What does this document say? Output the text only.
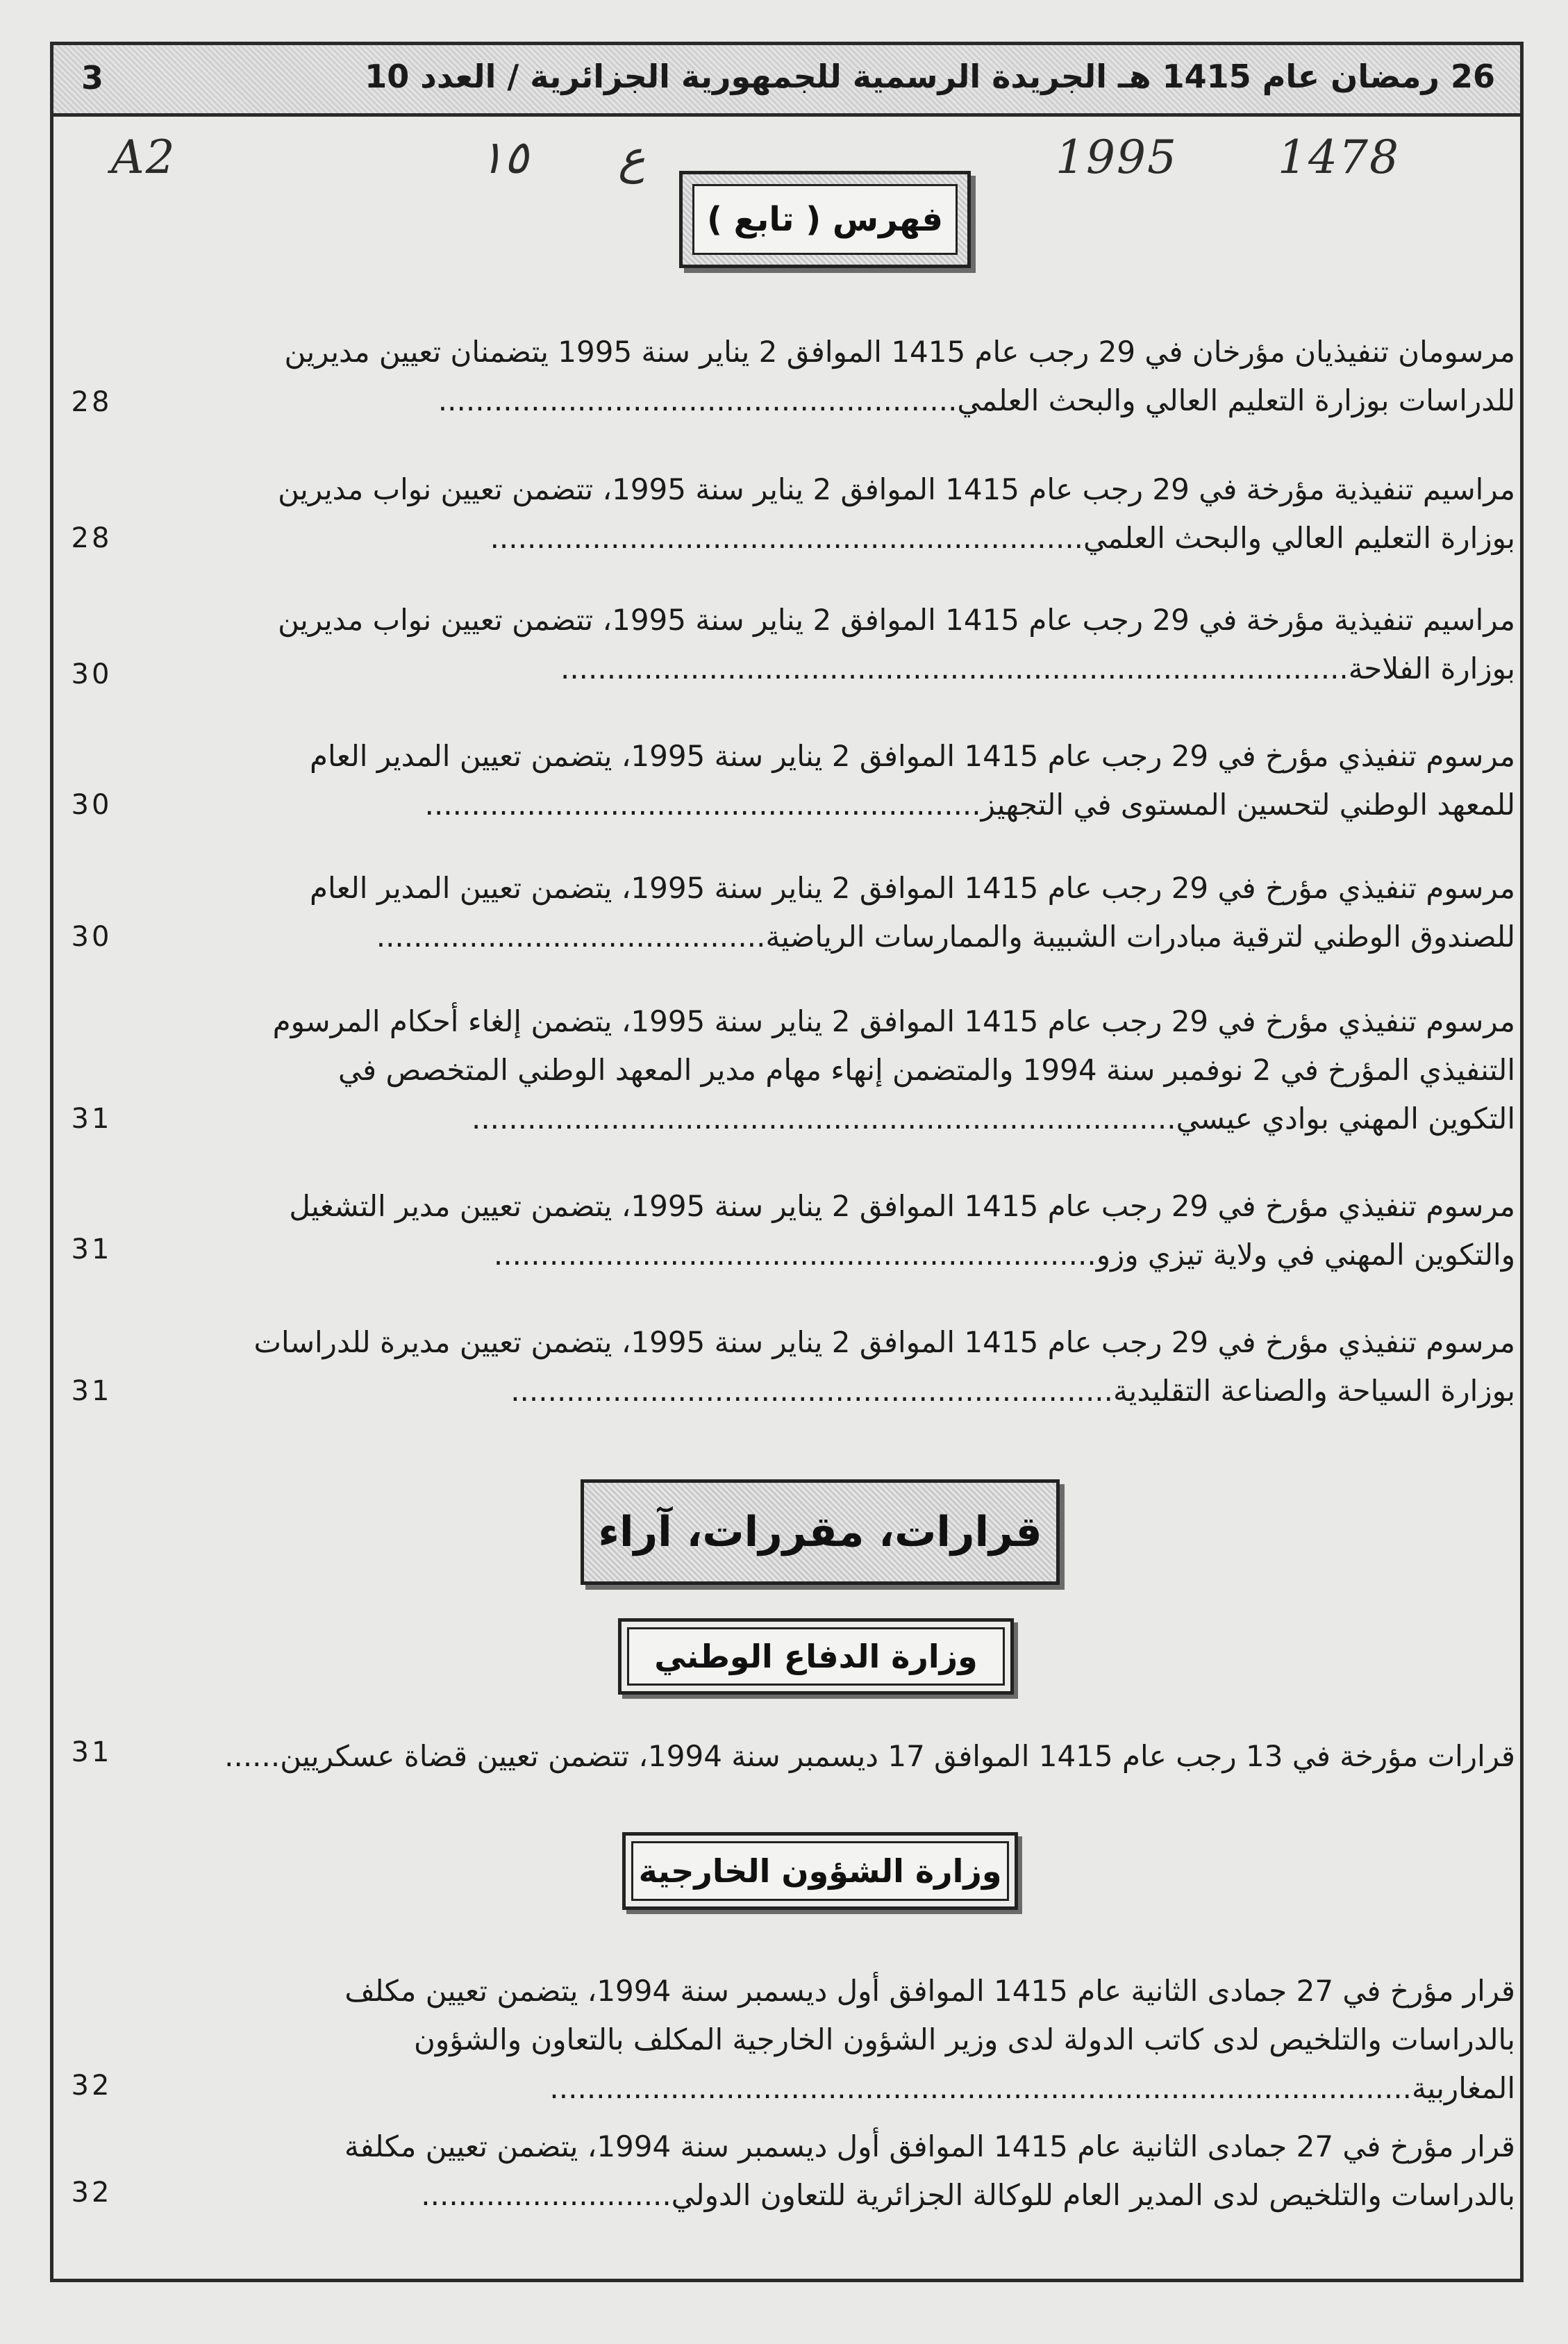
3	26 رمضان عام 1415 هـ الجريدة الرسمية للجمهورية الجزائرية / العدد 10
A2	١٥ ع	1995 1478
فهرس ( تابع )
مرسومان تنفيذيان مؤرخان في 29 رجب عام 1415 الموافق 2 يناير سنة 1995 يتضمنان تعيين مديرين
للدراسات بوزارة التعليم العالي والبحث العلمي........................................................
28
مراسيم تنفيذية مؤرخة في 29 رجب عام 1415 الموافق 2 يناير سنة 1995، تتضمن تعيين نواب مديرين
بوزارة التعليم العالي والبحث العلمي................................................................
28
مراسيم تنفيذية مؤرخة في 29 رجب عام 1415 الموافق 2 يناير سنة 1995، تتضمن تعيين نواب مديرين
بوزارة الفلاحة.....................................................................................
30
مرسوم تنفيذي مؤرخ في 29 رجب عام 1415 الموافق 2 يناير سنة 1995، يتضمن تعيين المدير العام
للمعهد الوطني لتحسين المستوى في التجهيز............................................................
30
مرسوم تنفيذي مؤرخ في 29 رجب عام 1415 الموافق 2 يناير سنة 1995، يتضمن تعيين المدير العام
للصندوق الوطني لترقية مبادرات الشبيبة والممارسات الرياضية..........................................
30
مرسوم تنفيذي مؤرخ في 29 رجب عام 1415 الموافق 2 يناير سنة 1995، يتضمن إلغاء أحكام المرسوم
التنفيذي المؤرخ في 2 نوفمبر سنة 1994 والمتضمن إنهاء مهام مدير المعهد الوطني المتخصص في
التكوين المهني بوادي عيسي............................................................................
31
مرسوم تنفيذي مؤرخ في 29 رجب عام 1415 الموافق 2 يناير سنة 1995، يتضمن تعيين مدير التشغيل
والتكوين المهني في ولاية تيزي وزو.................................................................
31
مرسوم تنفيذي مؤرخ في 29 رجب عام 1415 الموافق 2 يناير سنة 1995، يتضمن تعيين مديرة للدراسات
بوزارة السياحة والصناعة التقليدية.................................................................
31
قرارات، مقررات، آراء
وزارة الدفاع الوطني
قرارات مؤرخة في 13 رجب عام 1415 الموافق 17 ديسمبر سنة 1994، تتضمن تعيين قضاة عسكريين......
31
وزارة الشؤون الخارجية
قرار مؤرخ في 27 جمادى الثانية عام 1415 الموافق أول ديسمبر سنة 1994، يتضمن تعيين مكلف
بالدراسات والتلخيص لدى كاتب الدولة لدى وزير الشؤون الخارجية المكلف بالتعاون والشؤون
المغاربية.............................................................................................
32
قرار مؤرخ في 27 جمادى الثانية عام 1415 الموافق أول ديسمبر سنة 1994، يتضمن تعيين مكلفة
بالدراسات والتلخيص لدى المدير العام للوكالة الجزائرية للتعاون الدولي...........................
32
